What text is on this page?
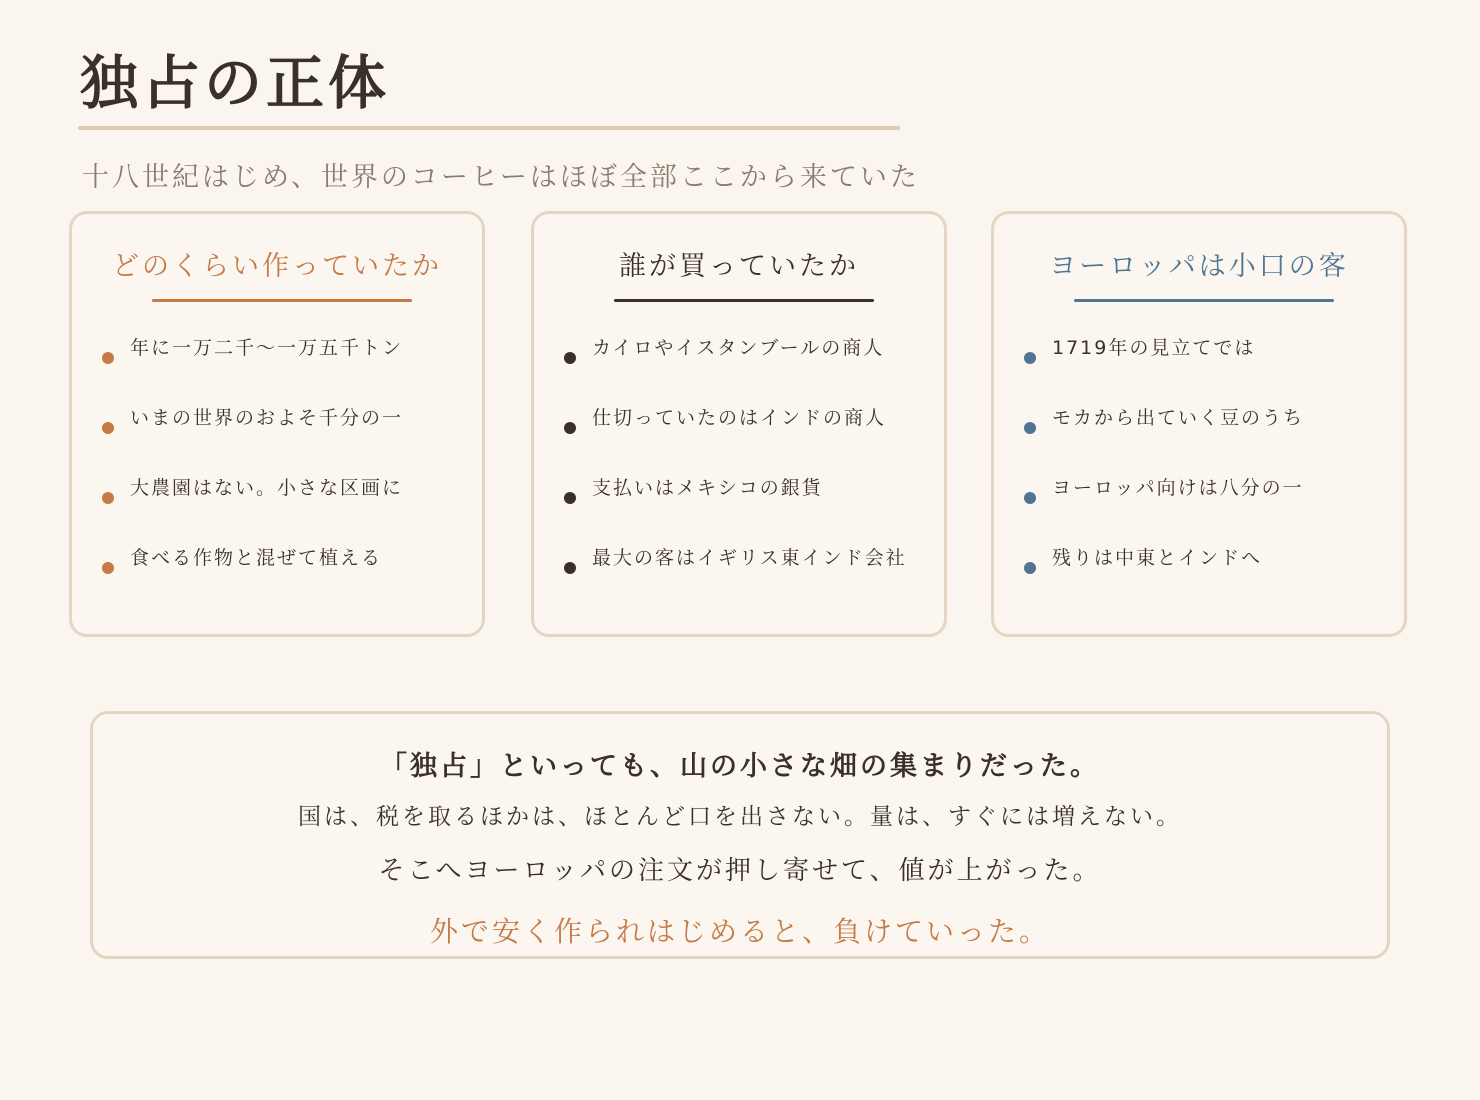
独占の正体
十八世紀はじめ、世界のコーヒーはほぼ全部ここから来ていた
どのくらい作っていたか
年に一万二千〜一万五千トン
いまの世界のおよそ千分の一
大農園はない。小さな区画に
食べる作物と混ぜて植える
誰が買っていたか
カイロやイスタンブールの商人
仕切っていたのはインドの商人
支払いはメキシコの銀貨
最大の客はイギリス東インド会社
ヨーロッパは小口の客
1719年の見立てでは
モカから出ていく豆のうち
ヨーロッパ向けは八分の一
残りは中東とインドへ
「独占」といっても、山の小さな畑の集まりだった。
国は、税を取るほかは、ほとんど口を出さない。量は、すぐには増えない。
そこへヨーロッパの注文が押し寄せて、値が上がった。
外で安く作られはじめると、負けていった。
